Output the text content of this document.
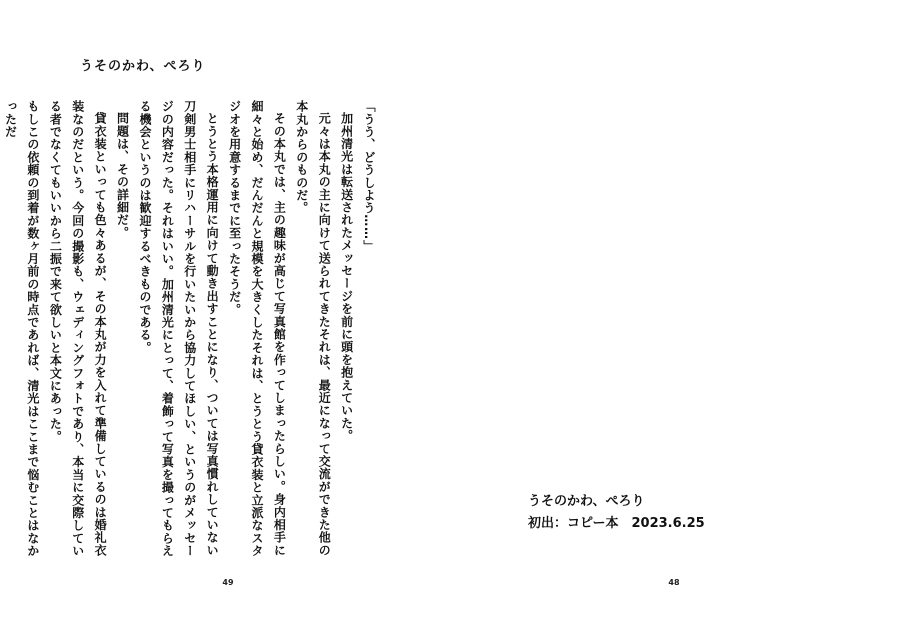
うそのかわ、ぺろり

「うう、どうしよう……」

加州清光は転送されたメッセージを前に頭を抱えていた。

元々は本丸の主に向けて送られてきたそれは、最近になって交流ができた他の本丸からのものだ。

その本丸では、主の趣味が高じて写真館を作ってしまったらしい。身内相手に細々と始め、だんだんと規模を大きくしたそれは、とうとう貸衣装と立派なスタジオを用意するまでに至ったそうだ。

とうとう本格運用に向けて動き出すことになり、ついては写真慣れしていない刀剣男士相手にリハーサルを行いたいから協力してほしい、というのがメッセージの内容だった。それはいい。加州清光にとって、着飾って写真を撮ってもらえる機会というのは歓迎するべきものである。

問題は、その詳細だ。

貸衣装といっても色々あるが、その本丸が力を入れて準備しているのは婚礼衣装なのだという。今回の撮影も、ウェディングフォトであり、本当に交際している者でなくてもいいから二振で来て欲しいと本文にあった。

もしこの依頼の到着が数ヶ月前の時点であれば、清光はここまで悩むことはなかっただ

49
うそのかわ、ぺろり
初出：コピー本　2023.6.25
48
